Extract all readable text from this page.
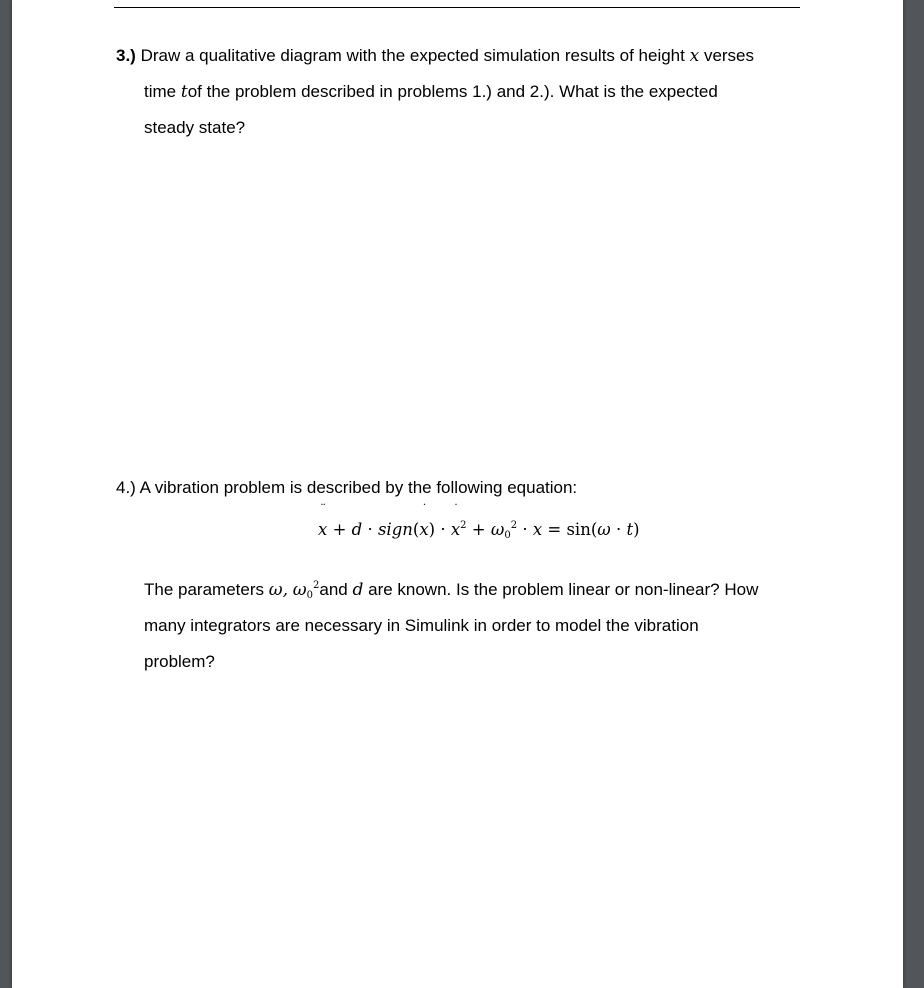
3.) Draw a qualitative diagram with the expected simulation results of height x verses
time tof the problem described in problems 1.) and 2.). What is the expected
steady state?
4.) A vibration problem is described by the following equation:
x
¨
+ d · sign(x
˙
) · x
˙
$^2 + \omega_0^2 \cdot x = \sin(\omega \cdot t)$
The parameters ω, $\omega_0^2and$ d are known. Is the problem linear or non-linear? How
many integrators are necessary in Simulink in order to model the vibration
problem?
